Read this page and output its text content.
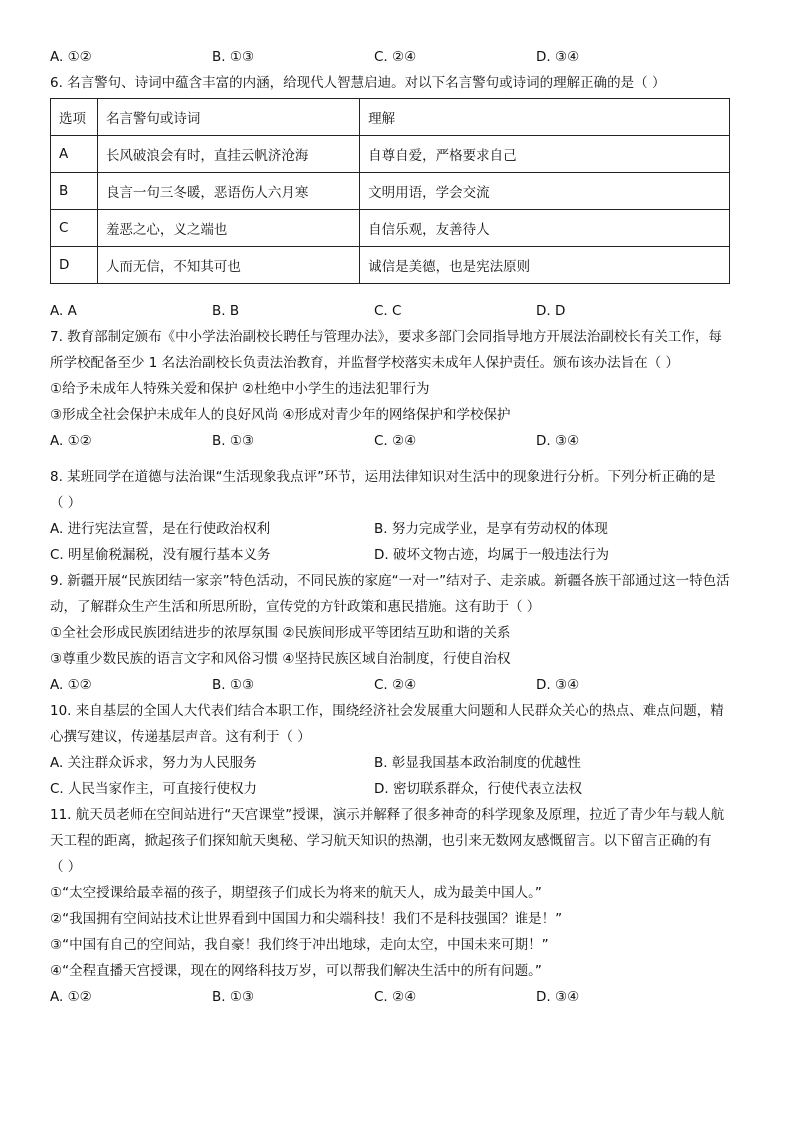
A. ①②	B. ①③	C. ②④	D. ③④
6. 名言警句、诗词中蕴含丰富的内涵，给现代人智慧启迪。对以下名言警句或诗词的理解正确的是（ ）
选项	名言警句或诗词	理解
A	长风破浪会有时，直挂云帆济沧海	自尊自爱，严格要求自己
B	良言一句三冬暖，恶语伤人六月寒	文明用语，学会交流
C	羞恶之心，义之端也	自信乐观，友善待人
D	人而无信，不知其可也	诚信是美德，也是宪法原则
A. A	B. B	C. C	D. D
7. 教育部制定颁布《中小学法治副校长聘任与管理办法》，要求多部门会同指导地方开展法治副校长有关工作，每
所学校配备至少 1 名法治副校长负责法治教育，并监督学校落实未成年人保护责任。颁布该办法旨在（ ）
①给予未成年人特殊关爱和保护 ②杜绝中小学生的违法犯罪行为
③形成全社会保护未成年人的良好风尚 ④形成对青少年的网络保护和学校保护
A. ①②	B. ①③	C. ②④	D. ③④
8. 某班同学在道德与法治课“生活现象我点评”环节，运用法律知识对生活中的现象进行分析。下列分析正确的是
（ ）
A. 进行宪法宣誓，是在行使政治权利	B. 努力完成学业，是享有劳动权的体现
C. 明星偷税漏税，没有履行基本义务	D. 破坏文物古迹，均属于一般违法行为
9. 新疆开展“民族团结一家亲”特色活动，不同民族的家庭“一对一”结对子、走亲戚。新疆各族干部通过这一特色活
动，了解群众生产生活和所思所盼，宣传党的方针政策和惠民措施。这有助于（ ）
①全社会形成民族团结进步的浓厚氛围 ②民族间形成平等团结互助和谐的关系
③尊重少数民族的语言文字和风俗习惯 ④坚持民族区域自治制度，行使自治权
A. ①②	B. ①③	C. ②④	D. ③④
10. 来自基层的全国人大代表们结合本职工作，围绕经济社会发展重大问题和人民群众关心的热点、难点问题，精
心撰写建议，传递基层声音。这有利于（ ）
A. 关注群众诉求，努力为人民服务	B. 彰显我国基本政治制度的优越性
C. 人民当家作主，可直接行使权力	D. 密切联系群众，行使代表立法权
11. 航天员老师在空间站进行“天宫课堂”授课，演示并解释了很多神奇的科学现象及原理，拉近了青少年与载人航
天工程的距离，掀起孩子们探知航天奥秘、学习航天知识的热潮，也引来无数网友感慨留言。以下留言正确的有
（ ）
①“太空授课给最幸福的孩子，期望孩子们成长为将来的航天人，成为最美中国人。”
②“我国拥有空间站技术让世界看到中国国力和尖端科技！我们不是科技强国？谁是！”
③“中国有自己的空间站，我自豪！我们终于冲出地球，走向太空，中国未来可期！”
④“全程直播天宫授课，现在的网络科技万岁，可以帮我们解决生活中的所有问题。”
A. ①②	B. ①③	C. ②④	D. ③④
